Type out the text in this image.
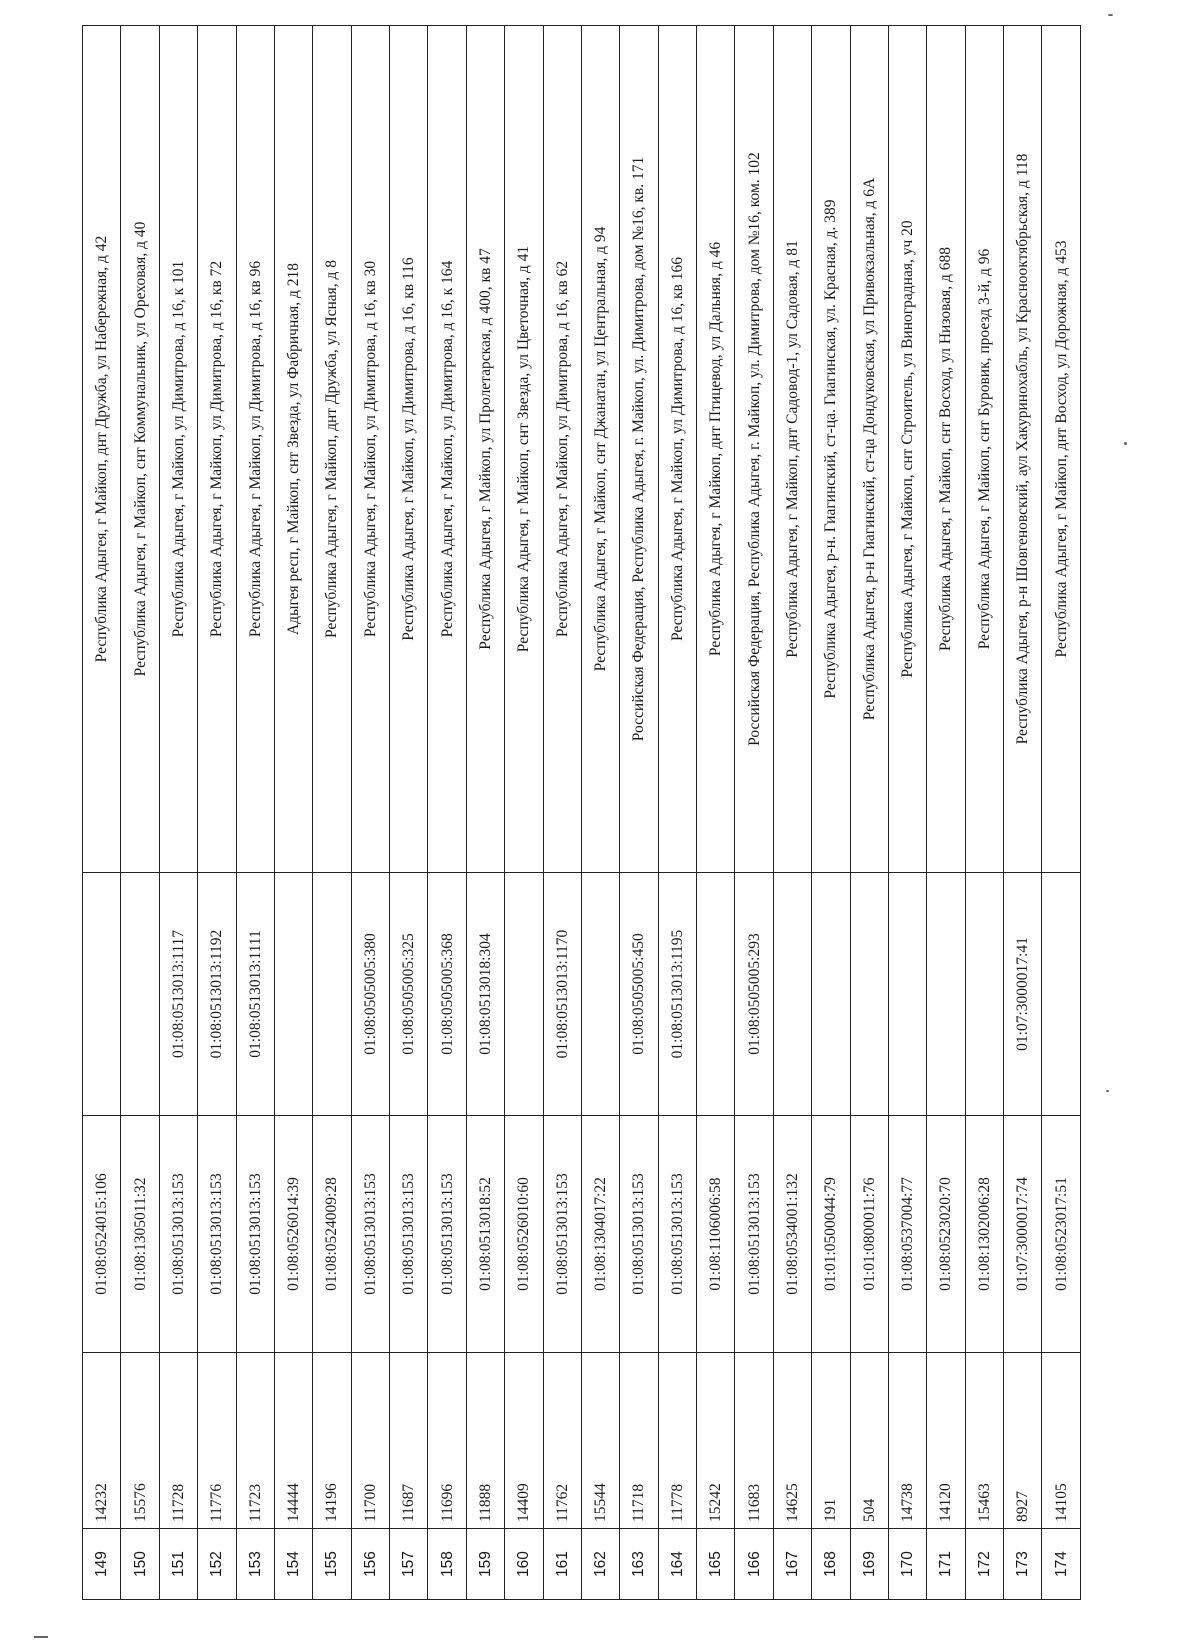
149	14232	01:08:0524015:106		Республика Адыгея, г Майкоп, днт Дружба, ул Набережная, д 42
150	15576	01:08:1305011:32		Республика Адыгея, г Майкоп, снт Коммунальник, ул Ореховая, д 40
151	11728	01:08:0513013:153	01:08:0513013:1117	Республика Адыгея, г Майкоп, ул Димитрова, д 16, к 101
152	11776	01:08:0513013:153	01:08:0513013:1192	Республика Адыгея, г Майкоп, ул Димитрова, д 16, кв 72
153	11723	01:08:0513013:153	01:08:0513013:1111	Республика Адыгея, г Майкоп, ул Димитрова, д 16, кв 96
154	14444	01:08:0526014:39		Адыгея респ, г Майкоп, снт Звезда, ул Фабричная, д 218
155	14196	01:08:0524009:28		Республика Адыгея, г Майкоп, днт Дружба, ул Ясная, д 8
156	11700	01:08:0513013:153	01:08:0505005:380	Республика Адыгея, г Майкоп, ул Димитрова, д 16, кв 30
157	11687	01:08:0513013:153	01:08:0505005:325	Республика Адыгея, г Майкоп, ул Димитрова, д 16, кв 116
158	11696	01:08:0513013:153	01:08:0505005:368	Республика Адыгея, г Майкоп, ул Димитрова, д 16, к 164
159	11888	01:08:0513018:52	01:08:0513018:304	Республика Адыгея, г Майкоп, ул Пролетарская, д 400, кв 47
160	14409	01:08:0526010:60		Республика Адыгея, г Майкоп, снт Звезда, ул Цветочная, д 41
161	11762	01:08:0513013:153	01:08:0513013:1170	Республика Адыгея, г Майкоп, ул Димитрова, д 16, кв 62
162	15544	01:08:1304017:22		Республика Адыгея, г Майкоп, снт Джанатан, ул Центральная, д 94
163	11718	01:08:0513013:153	01:08:0505005:450	Российская Федерация, Республика Адыгея, г. Майкоп, ул. Димитрова, дом №16, кв. 171
164	11778	01:08:0513013:153	01:08:0513013:1195	Республика Адыгея, г Майкоп, ул Димитрова, д 16, кв 166
165	15242	01:08:1106006:58		Республика Адыгея, г Майкоп, днт Птицевод, ул Дальняя, д 46
166	11683	01:08:0513013:153	01:08:0505005:293	Российская Федерация, Республика Адыгея, г. Майкоп, ул. Димитрова, дом №16, ком. 102
167	14625	01:08:0534001:132		Республика Адыгея, г Майкоп, днт Садовод-1, ул Садовая, д 81
168	191	01:01:0500044:79		Республика Адыгея, р-н. Гиагинский, ст-ца. Гиагинская, ул. Красная, д. 389
169	504	01:01:0800011:76		Республика Адыгея, р-н Гиагинский, ст-ца Дондуковская, ул Привокзальная, д 6А
170	14738	01:08:0537004:77		Республика Адыгея, г Майкоп, снт Строитель, ул Виноградная, уч 20
171	14120	01:08:0523020:70		Республика Адыгея, г Майкоп, снт Восход, ул Низовая, д 688
172	15463	01:08:1302006:28		Республика Адыгея, г Майкоп, снт Буровик, проезд 3-й, д 96
173	8927	01:07:3000017:74	01:07:3000017:41	Республика Адыгея, р-н Шовгеновский, аул Хакуринохабль, ул Краснооктябрьская, д 118
174	14105	01:08:0523017:51		Республика Адыгея, г Майкоп, днт Восход, ул Дорожная, д 453
